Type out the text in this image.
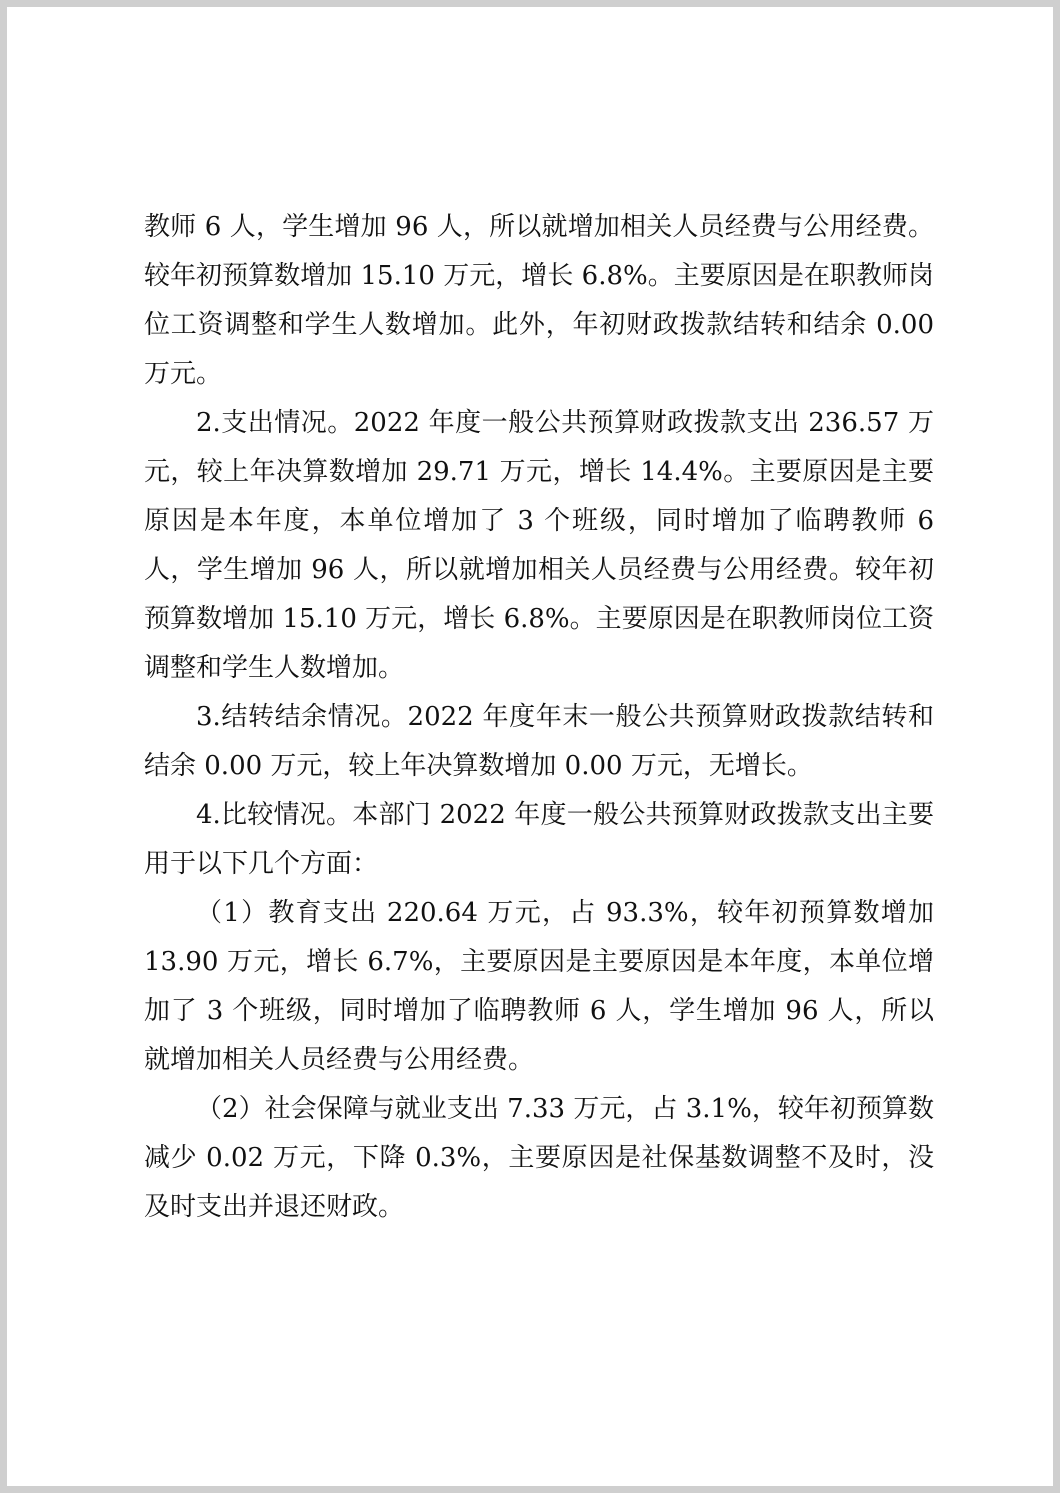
教师 6 人，学生增加 96 人，所以就增加相关人员经费与公用经费。较年初预算数增加 15.10 万元，增长 6.8%。主要原因是在职教师岗位工资调整和学生人数增加。此外，年初财政拨款结转和结余 0.00 万元。

2.支出情况。2022 年度一般公共预算财政拨款支出 236.57 万元，较上年决算数增加 29.71 万元，增长 14.4%。主要原因是主要原因是本年度，本单位增加了 3 个班级，同时增加了临聘教师 6 人，学生增加 96 人，所以就增加相关人员经费与公用经费。较年初预算数增加 15.10 万元，增长 6.8%。主要原因是在职教师岗位工资调整和学生人数增加。

3.结转结余情况。2022 年度年末一般公共预算财政拨款结转和结余 0.00 万元，较上年决算数增加 0.00 万元，无增长。

4.比较情况。本部门 2022 年度一般公共预算财政拨款支出主要用于以下几个方面：

（1）教育支出 220.64 万元，占 93.3%，较年初预算数增加 13.90 万元，增长 6.7%，主要原因是主要原因是本年度，本单位增加了 3 个班级，同时增加了临聘教师 6 人，学生增加 96 人，所以就增加相关人员经费与公用经费。

（2）社会保障与就业支出 7.33 万元，占 3.1%，较年初预算数减少 0.02 万元，下降 0.3%，主要原因是社保基数调整不及时，没及时支出并退还财政。
